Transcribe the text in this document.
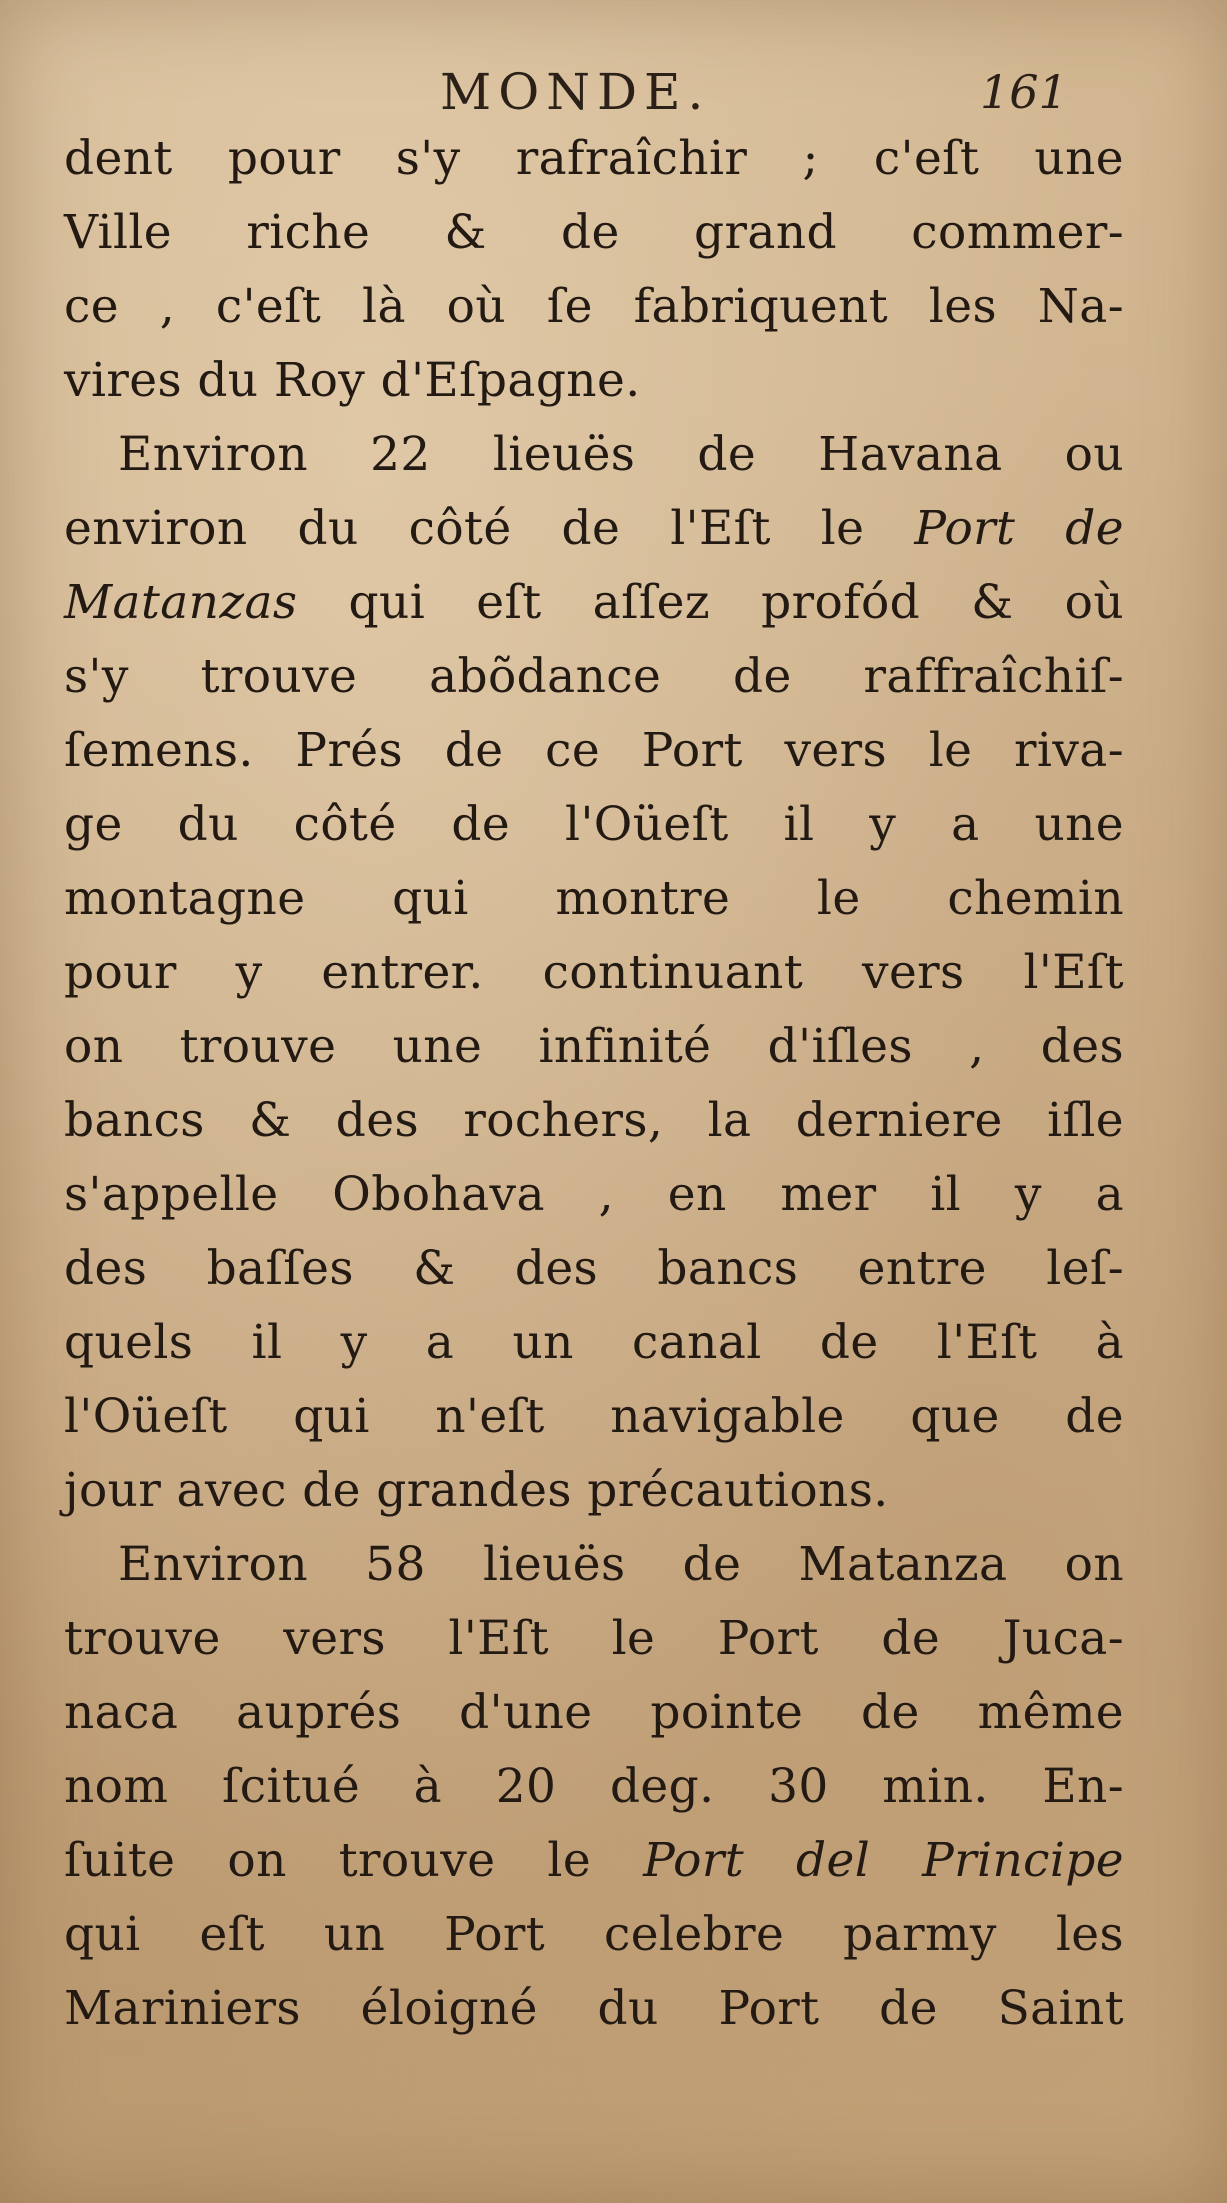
MONDE.	161
dent pour s'y rafraîchir ; c'eſt une
Ville riche & de grand commer-
ce , c'eſt là où ſe fabriquent les Na-
vires du Roy d'Eſpagne.
Environ 22 lieuës de Havana ou
environ du côté de l'Eſt le Port de
Matanzas qui eſt aſſez profód & où
s'y trouve abõdance de raffraîchiſ-
ſemens. Prés de ce Port vers le riva-
ge du côté de l'Oüeſt il y a une
montagne qui montre le chemin
pour y entrer. continuant vers l'Eſt
on trouve une infinité d'iſles , des
bancs & des rochers, la derniere iſle
s'appelle Obohava , en mer il y a
des baſſes & des bancs entre leſ-
quels il y a un canal de l'Eſt à
l'Oüeſt qui n'eſt navigable que de
jour avec de grandes précautions.
Environ 58 lieuës de Matanza on
trouve vers l'Eſt le Port de Juca-
naca auprés d'une pointe de même
nom ſcitué à 20 deg. 30 min. En-
ſuite on trouve le Port del Principe
qui eſt un Port celebre parmy les
Mariniers éloigné du Port de Saint
